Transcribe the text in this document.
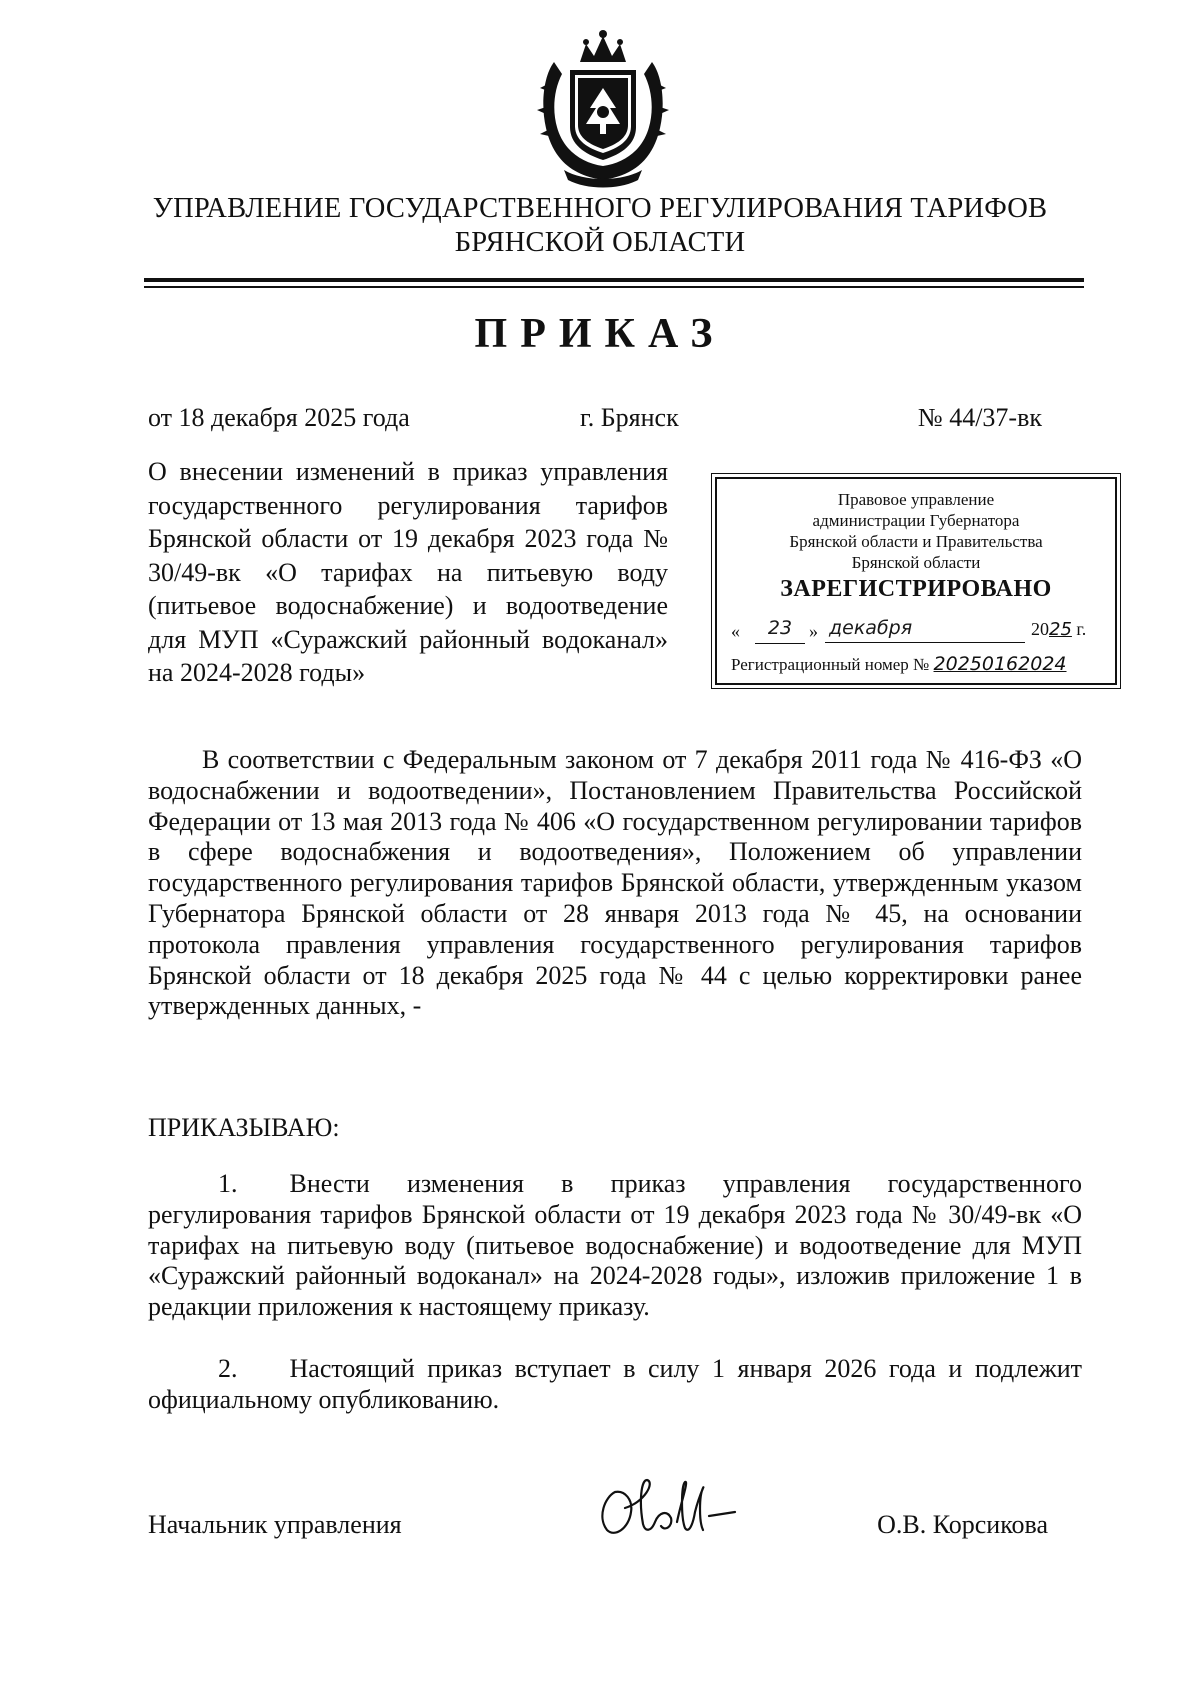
УПРАВЛЕНИЕ ГОСУДАРСТВЕННОГО РЕГУЛИРОВАНИЯ ТАРИФОВ
БРЯНСКОЙ ОБЛАСТИ
ПРИКАЗ
от 18 декабря 2025 года	г. Брянск	№ 44/37-вк
О внесении изменений в приказ управления государственного регулирования тарифов Брянской области от 19 декабря 2023 года № 30/49-вк «О тарифах на питьевую воду (питьевое водоснабжение) и водоотведение для МУП «Суражский районный водоканал» на 2024-2028 годы»
Правовое управление
администрации Губернатора
Брянской области и Правительства
Брянской области
ЗАРЕГИСТРИРОВАНО
«	23 » декабря	2025 г.
Регистрационный номер № 20250162024
В соответствии с Федеральным законом от 7 декабря 2011 года № 416-ФЗ «О водоснабжении и водоотведении», Постановлением Правительства Российской Федерации от 13 мая 2013 года № 406 «О государственном регулировании тарифов в сфере водоснабжения и водоотведения», Положением об управлении государственного регулирования тарифов Брянской области, утвержденным указом Губернатора Брянской области от 28 января 2013 года № 45, на основании протокола правления управления государственного регулирования тарифов Брянской области от 18 декабря 2025 года № 44 с целью корректировки ранее утвержденных данных, -
ПРИКАЗЫВАЮ:
1.  Внести изменения в приказ управления государственного регулирования тарифов Брянской области от 19 декабря 2023 года № 30/49-вк «О тарифах на питьевую воду (питьевое водоснабжение) и водоотведение для МУП «Суражский районный водоканал» на 2024-2028 годы», изложив приложение 1 в редакции приложения к настоящему приказу.
2.  Настоящий приказ вступает в силу 1 января 2026 года и подлежит официальному опубликованию.
Начальник управления	О.В. Корсикова
